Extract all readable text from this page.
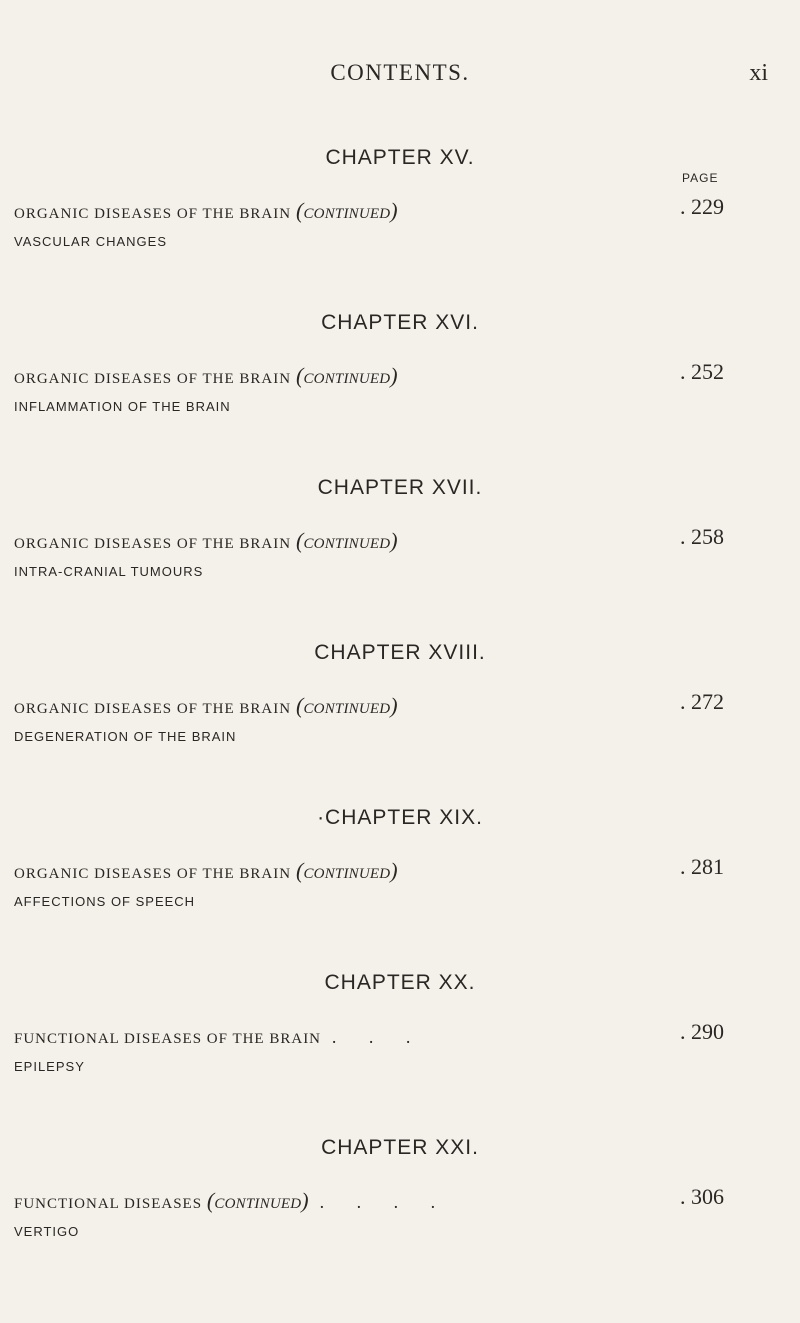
CONTENTS.	xi
PAGE
CHAPTER XV.
ORGANIC DISEASES OF THE BRAIN (continued)	. 229
VASCULAR CHANGES
CHAPTER XVI.
ORGANIC DISEASES OF THE BRAIN (continued)	. 252
INFLAMMATION OF THE BRAIN
CHAPTER XVII.
ORGANIC DISEASES OF THE BRAIN (continued)	. 258
INTRA-CRANIAL TUMOURS
CHAPTER XVIII.
ORGANIC DISEASES OF THE BRAIN (continued)	. 272
DEGENERATION OF THE BRAIN
·CHAPTER XIX.
ORGANIC DISEASES OF THE BRAIN (continued)	. 281
AFFECTIONS OF SPEECH
CHAPTER XX.
FUNCTIONAL DISEASES OF THE BRAIN . . .	. 290
EPILEPSY
CHAPTER XXI.
FUNCTIONAL DISEASES (continued) . . . .	. 306
VERTIGO
